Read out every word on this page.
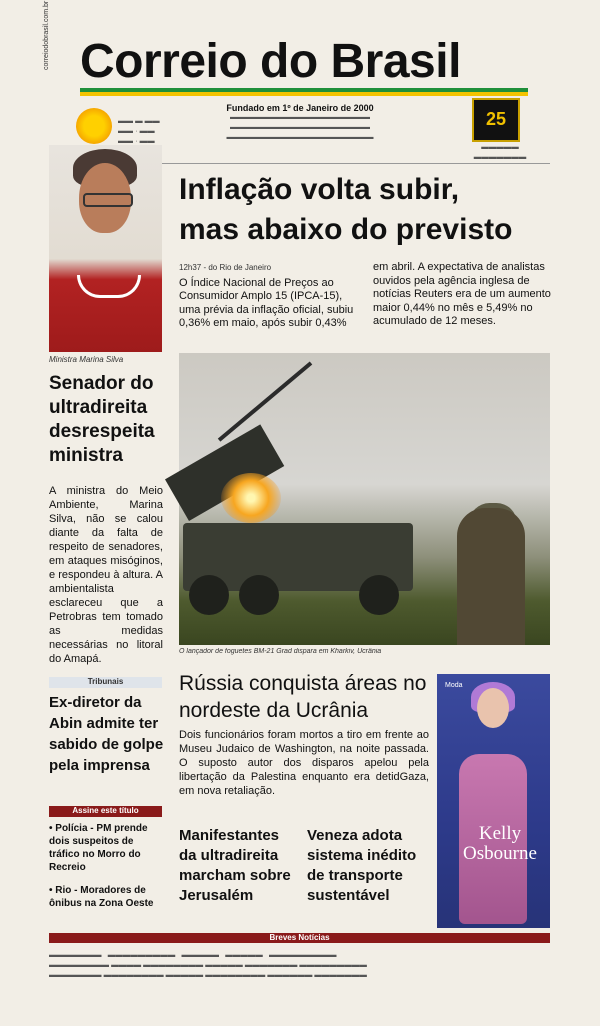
correiodobrasil.com.br Correio do Brasil
▬▬ ▬ ▬▬
▬▬ · ▬▬
▬▬ · ▬▬
Fundado em 1º de Janeiro de 2000
▬▬▬▬▬▬▬▬▬▬▬▬▬▬▬▬▬▬▬▬
▬▬▬▬▬▬▬▬▬▬▬▬▬▬▬▬▬▬▬▬
▬▬▬▬▬▬▬▬▬▬▬▬▬▬▬▬▬▬▬▬▬
25
▬▬▬▬▬
▬▬▬▬▬▬▬
Ministra Marina Silva
Inflação volta subir,
mas abaixo do previsto
12h37 - do Rio de Janeiro
O Índice Nacional de Preços ao Consumidor Amplo 15 (IPCA-15), uma prévia da inflação oficial, subiu 0,36% em maio, após subir 0,43%
em abril. A expectativa de analistas ouvidos pela agência inglesa de notícias Reuters era de um aumento maior 0,44% no mês e 5,49% no acumulado de 12 meses.
O lançador de foguetes BM-21 Grad dispara em Kharkiv, Ucrânia
Senador do ultradireita desrespeita ministra
A ministra do Meio Ambiente, Marina Silva, não se calou diante da falta de respeito de senadores, em ataques misóginos, e respondeu à altura. A ambientalista esclareceu que a Petrobras tem tomado as medidas necessárias no litoral do Amapá.
Rússia conquista áreas no nordeste da Ucrânia
Dois funcionários foram mortos a tiro em frente ao Museu Judaico de Washington, na noite passada. O suposto autor dos disparos apelou pela libertação da Palestina enquanto era detidGaza, em nova retaliação.
Tribunais
Ex-diretor da Abin admite ter sabido de golpe pela imprensa
Assine este título
• Polícia - PM prende dois suspeitos de tráfico no Morro do Recreio
• Rio - Moradores de ônibus na Zona Oeste
Manifestantes da ultradireita marcham sobre Jerusalém
Veneza adota sistema inédito de transporte sustentável
Moda
Kelly Osbourne
Breves Notícias
▬▬▬▬▬▬▬   ▬▬▬▬▬▬▬▬▬   ▬▬▬▬▬   ▬▬▬▬▬   ▬▬▬▬▬▬▬▬▬
▬▬▬▬▬▬▬▬ ▬▬▬▬ ▬▬▬▬▬▬▬▬ ▬▬▬▬▬ ▬▬▬▬▬▬▬ ▬▬▬▬▬▬▬▬▬
▬▬▬▬▬▬▬ ▬▬▬▬▬▬▬▬ ▬▬▬▬▬ ▬▬▬▬▬▬▬▬ ▬▬▬▬▬▬ ▬▬▬▬▬▬▬
